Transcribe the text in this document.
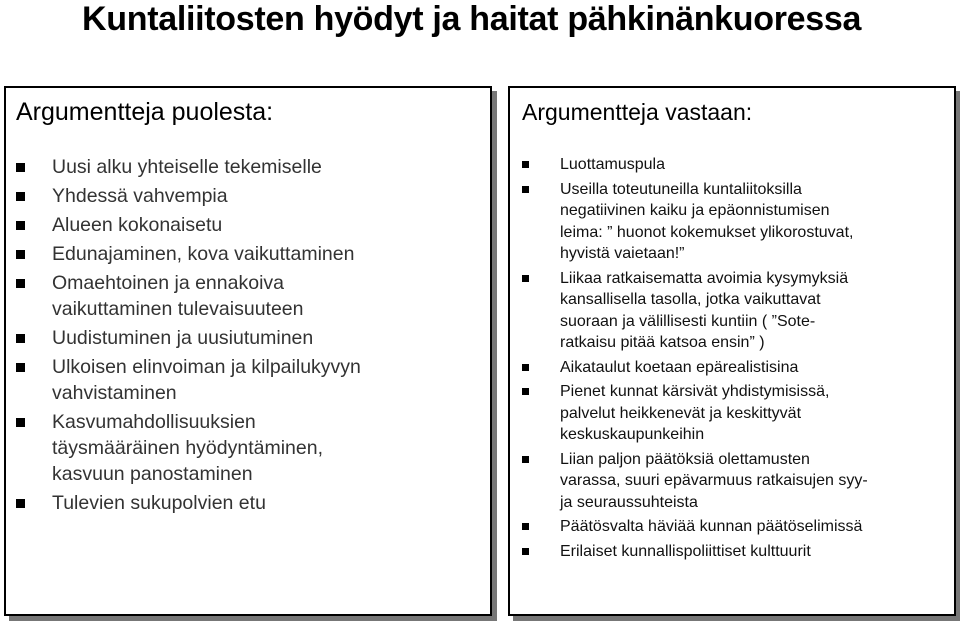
Kuntaliitosten hyödyt ja haitat pähkinänkuoressa
Argumentteja puolesta:
Uusi alku yhteiselle tekemiselle
Yhdessä vahvempia
Alueen kokonaisetu
Edunajaminen, kova vaikuttaminen
Omaehtoinen ja ennakoiva
vaikuttaminen tulevaisuuteen
Uudistuminen ja uusiutuminen
Ulkoisen elinvoiman ja kilpailukyvyn
vahvistaminen
Kasvumahdollisuuksien
täysmääräinen hyödyntäminen,
kasvuun panostaminen
Tulevien sukupolvien etu
Argumentteja vastaan:
Luottamuspula
Useilla toteutuneilla kuntaliitoksilla
negatiivinen kaiku ja epäonnistumisen
leima: ” huonot kokemukset ylikorostuvat,
hyvistä vaietaan!”
Liikaa ratkaisematta avoimia kysymyksiä
kansallisella tasolla, jotka vaikuttavat
suoraan ja välillisesti kuntiin ( ”Sote-
ratkaisu pitää katsoa ensin” )
Aikataulut koetaan epärealistisina
Pienet kunnat kärsivät yhdistymisissä,
palvelut heikkenevät ja keskittyvät
keskuskaupunkeihin
Liian paljon päätöksiä olettamusten
varassa, suuri epävarmuus ratkaisujen syy-
ja seuraussuhteista
Päätösvalta häviää kunnan päätöselimissä
Erilaiset kunnallispoliittiset kulttuurit
